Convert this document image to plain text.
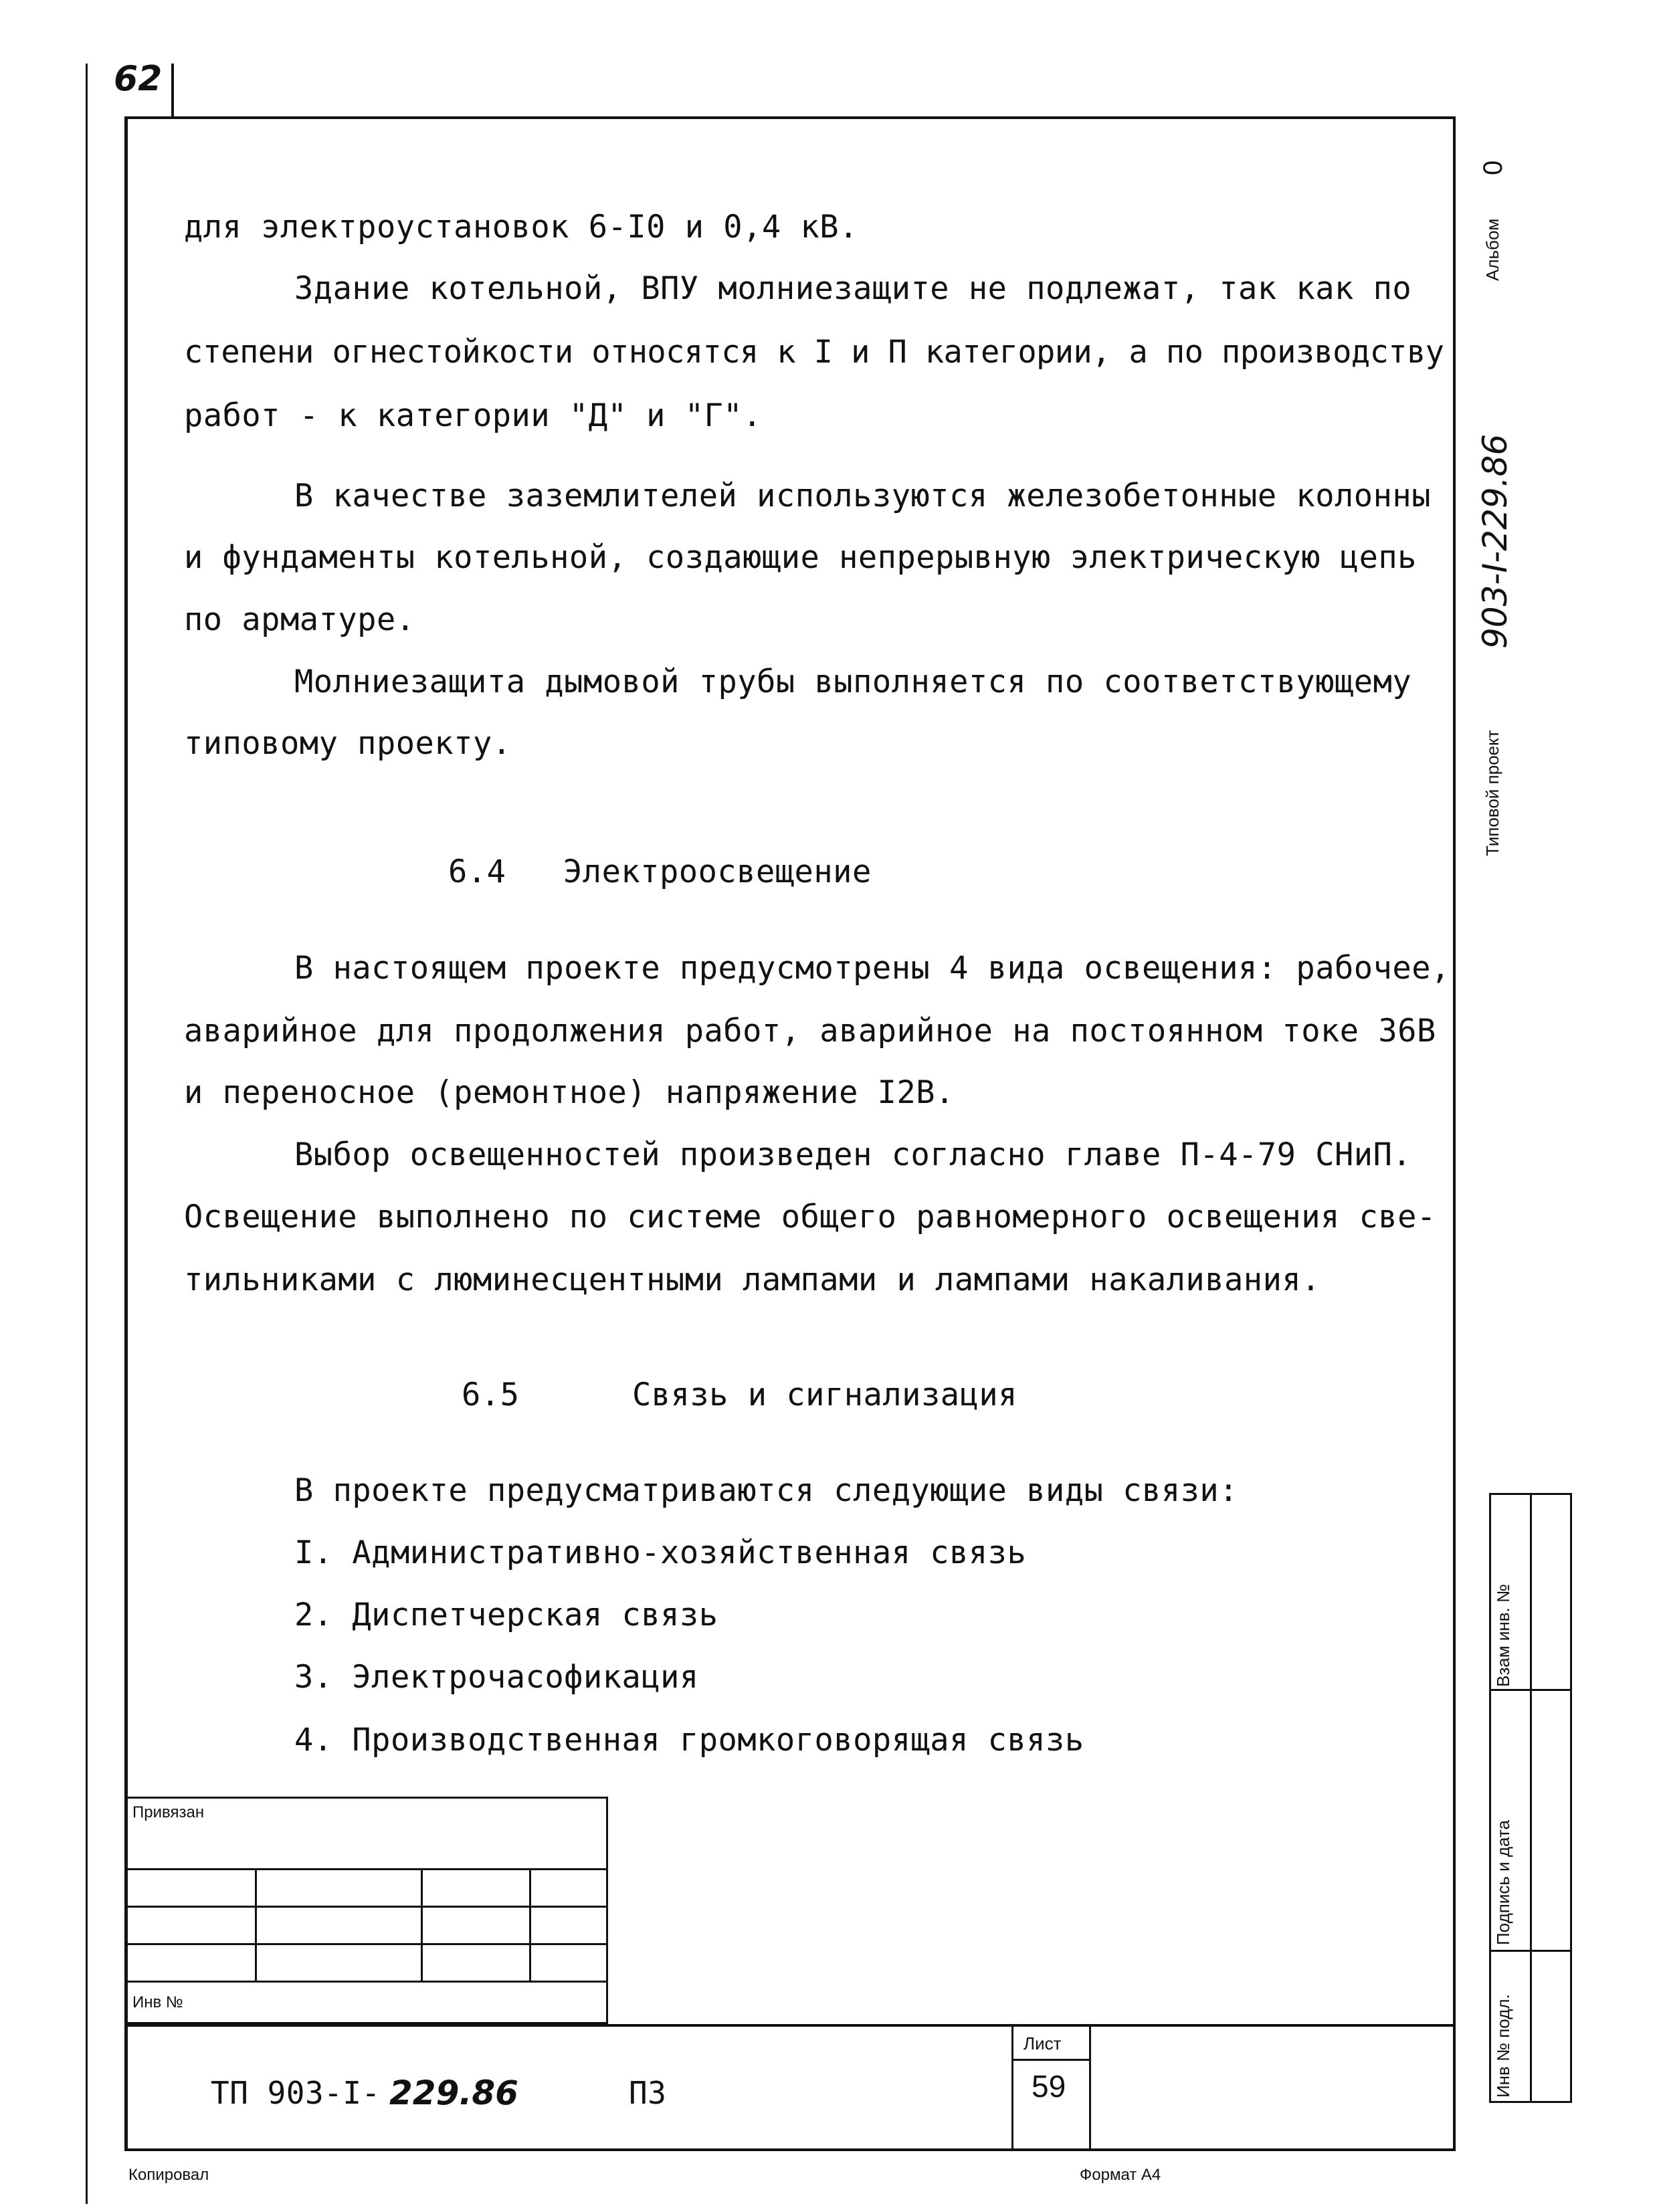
62
Альбом
0
Типовой проект
903-I-229.86
Взам инв. №
Подпись и дата
Инв № подл.
для электроустановок 6-I0 и 0,4 кВ.
Здание котельной, ВПУ молниезащите не подлежат, так как по
степени огнестойкости относятся к I и П категории, а по производству
работ - к категории "Д" и "Г".
В качестве заземлителей используются железобетонные колонны
и фундаменты котельной, создающие непрерывную электрическую цепь
по арматуре.
Молниезащита дымовой трубы выполняется по соответствующему
типовому проекту.
6.4 Электроосвещение
В настоящем проекте предусмотрены 4 вида освещения: рабочее,
аварийное для продолжения работ, аварийное на постоянном токе 36В
и переносное (ремонтное) напряжение I2В.
Выбор освещенностей произведен согласно главе П-4-79 СНиП.
Освещение выполнено по системе общего равномерного освещения све-
тильниками с люминесцентными лампами и лампами накаливания.
6.5	Связь и сигнализация
В проекте предусматриваются следующие виды связи:
I. Административно-хозяйственная связь
2. Диспетчерская связь
3. Электрочасофикация
4. Производственная громкоговорящая связь
Привязан
Инв №
ТП 903-I- 229.86	ПЗ
Лист
59
Копировал	Формат А4
